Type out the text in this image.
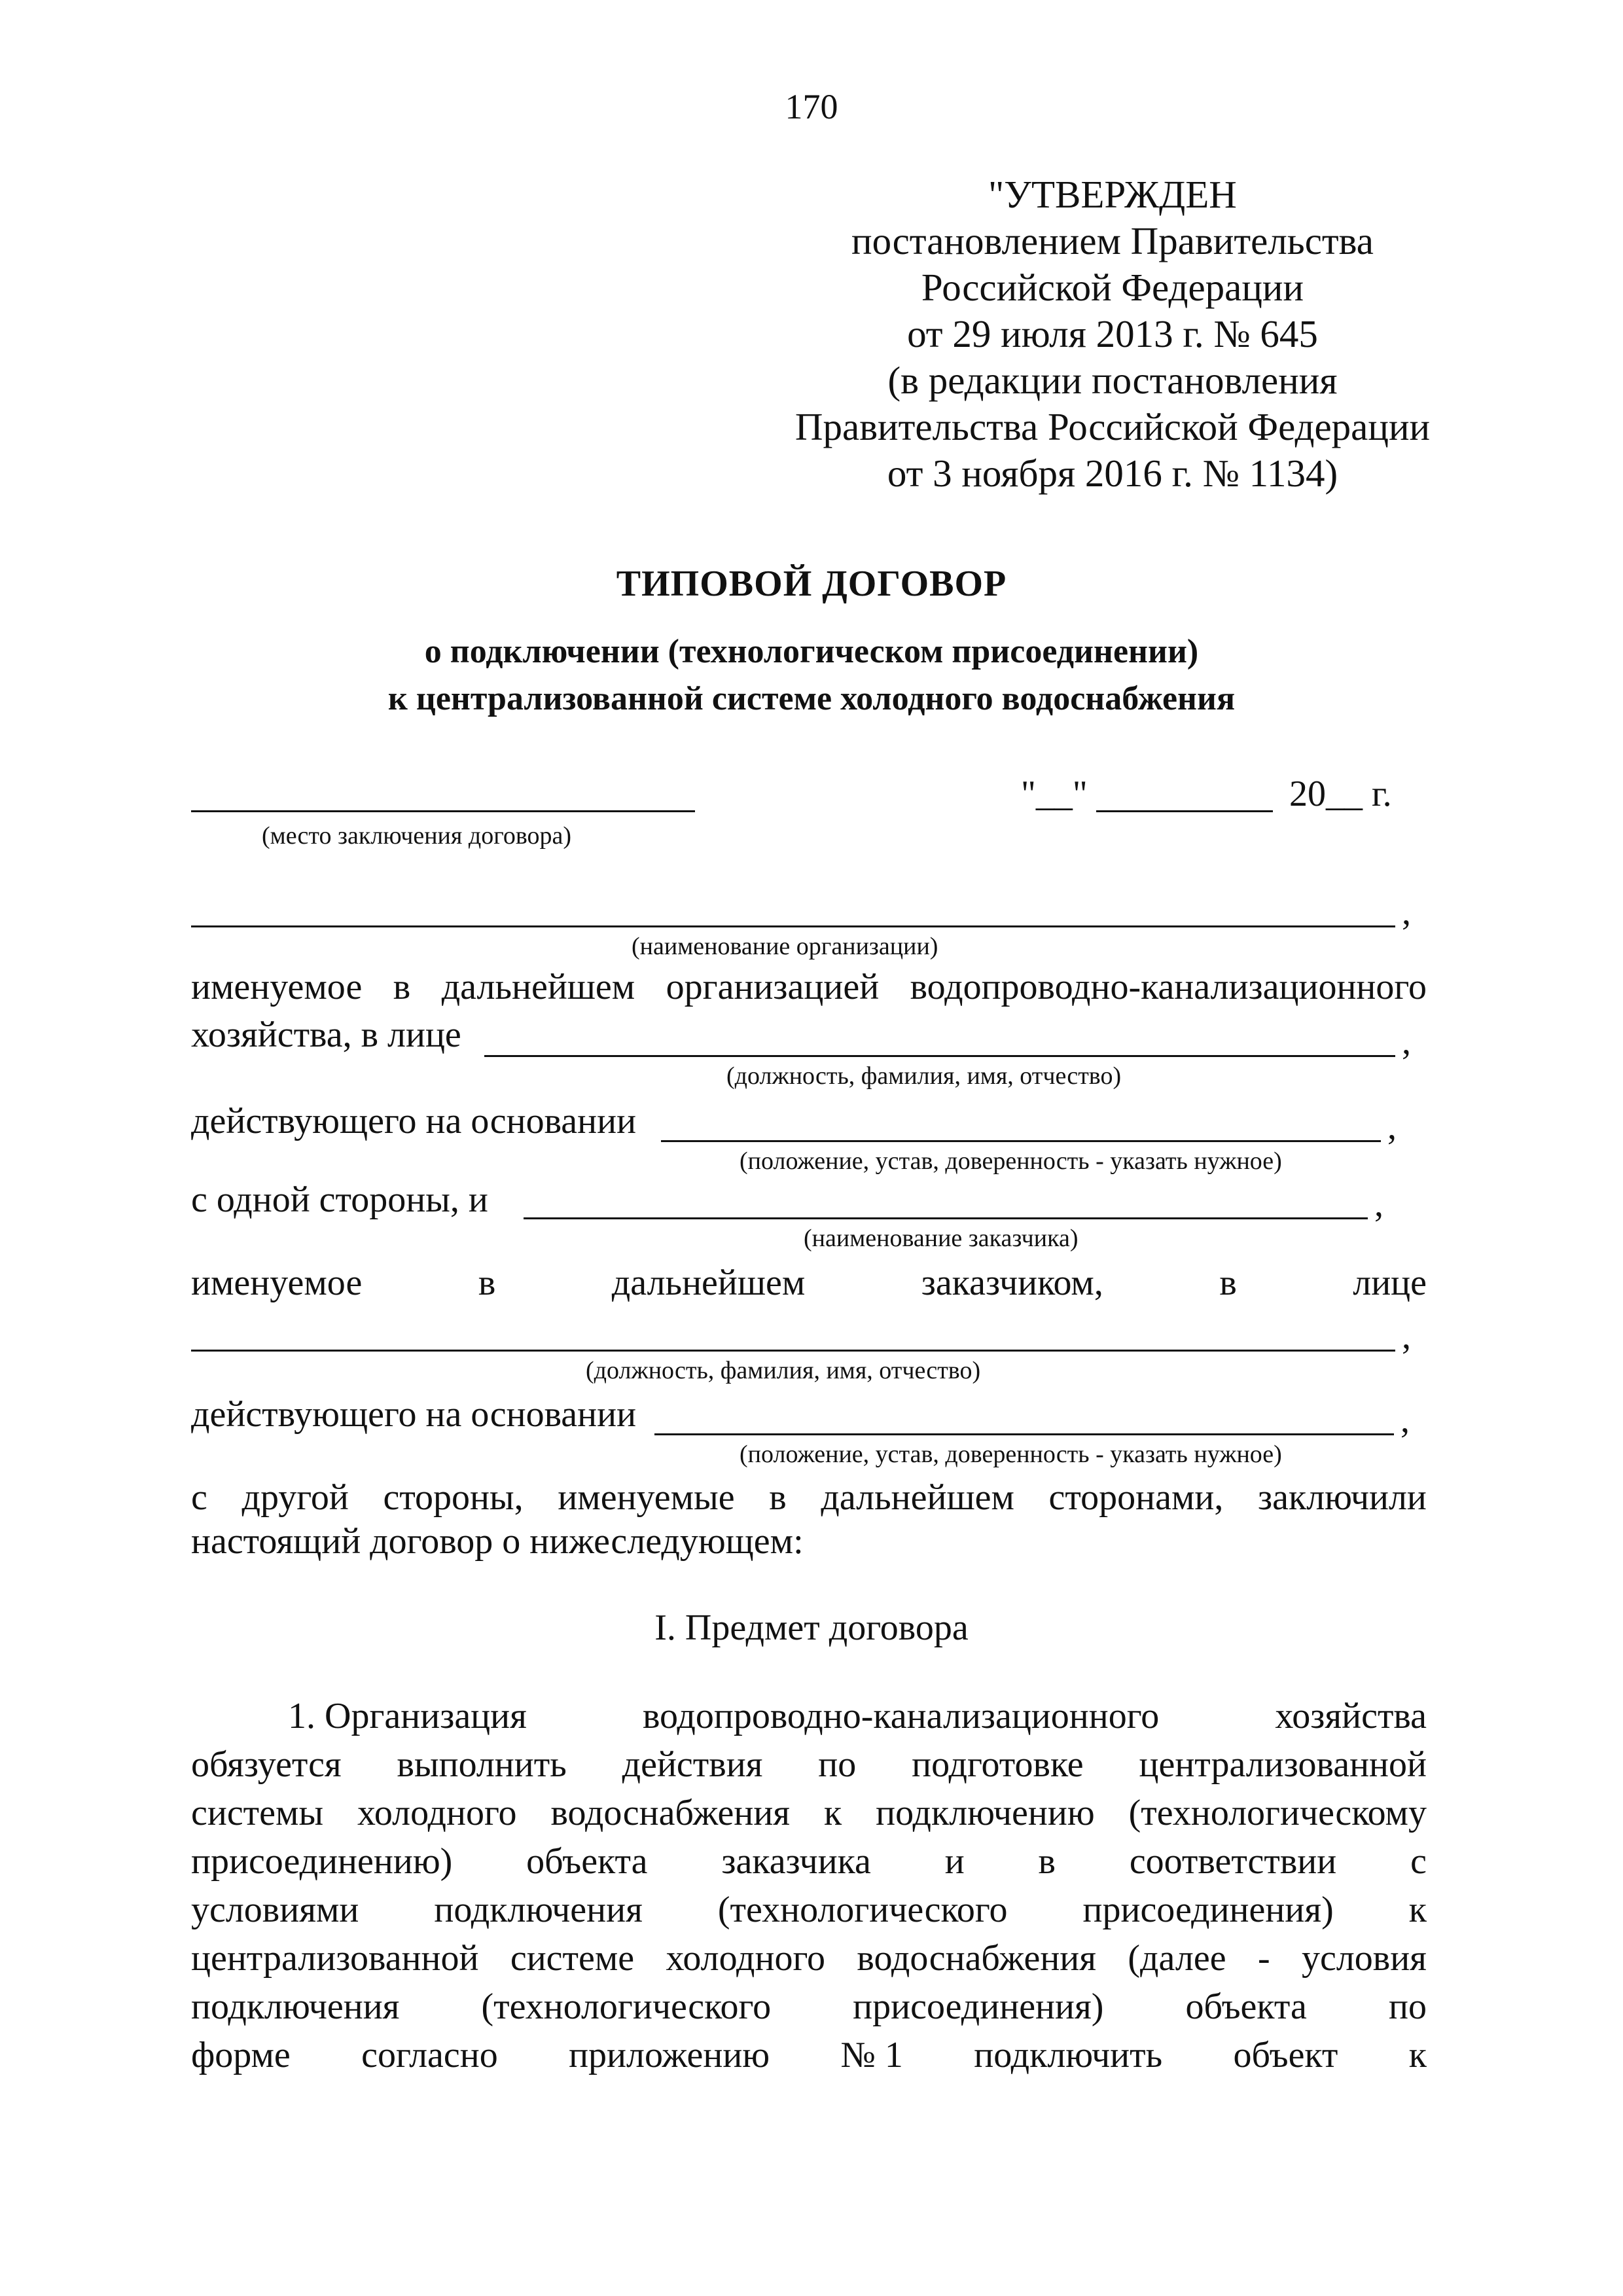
170
"УТВЕРЖДЕН
постановлением Правительства
Российской Федерации
от 29 июля 2013 г. № 645
(в редакции постановления
Правительства Российской Федерации
от 3 ноября 2016 г. № 1134)
ТИПОВОЙ ДОГОВОР
о подключении (технологическом присоединении)
к централизованной системе холодного водоснабжения
(место заключения договора)
"__"	20__ г.
,
(наименование организации)
именуемое в дальнейшем организацией водопроводно-канализационного
хозяйства, в лице	,
(должность, фамилия, имя, отчество)
действующего на основании	,
(положение, устав, доверенность - указать нужное)
с одной стороны, и	,
(наименование заказчика)
именуемое	в	дальнейшем	заказчиком,	в	лице
,
(должность, фамилия, имя, отчество)
действующего на основании	,
(положение, устав, доверенность - указать нужное)
с другой стороны, именуемые в дальнейшем сторонами, заключили
настоящий договор о нижеследующем:
I. Предмет договора
1. Организация	водопроводно-канализационного	хозяйства
обязуется выполнить действия по подготовке централизованной
системы холодного водоснабжения к подключению (технологическому
присоединению) объекта заказчика и в соответствии с
условиями подключения (технологического присоединения) к
централизованной системе холодного водоснабжения (далее - условия
подключения (технологического присоединения) объекта по
форме согласно приложению № 1 подключить объект к
